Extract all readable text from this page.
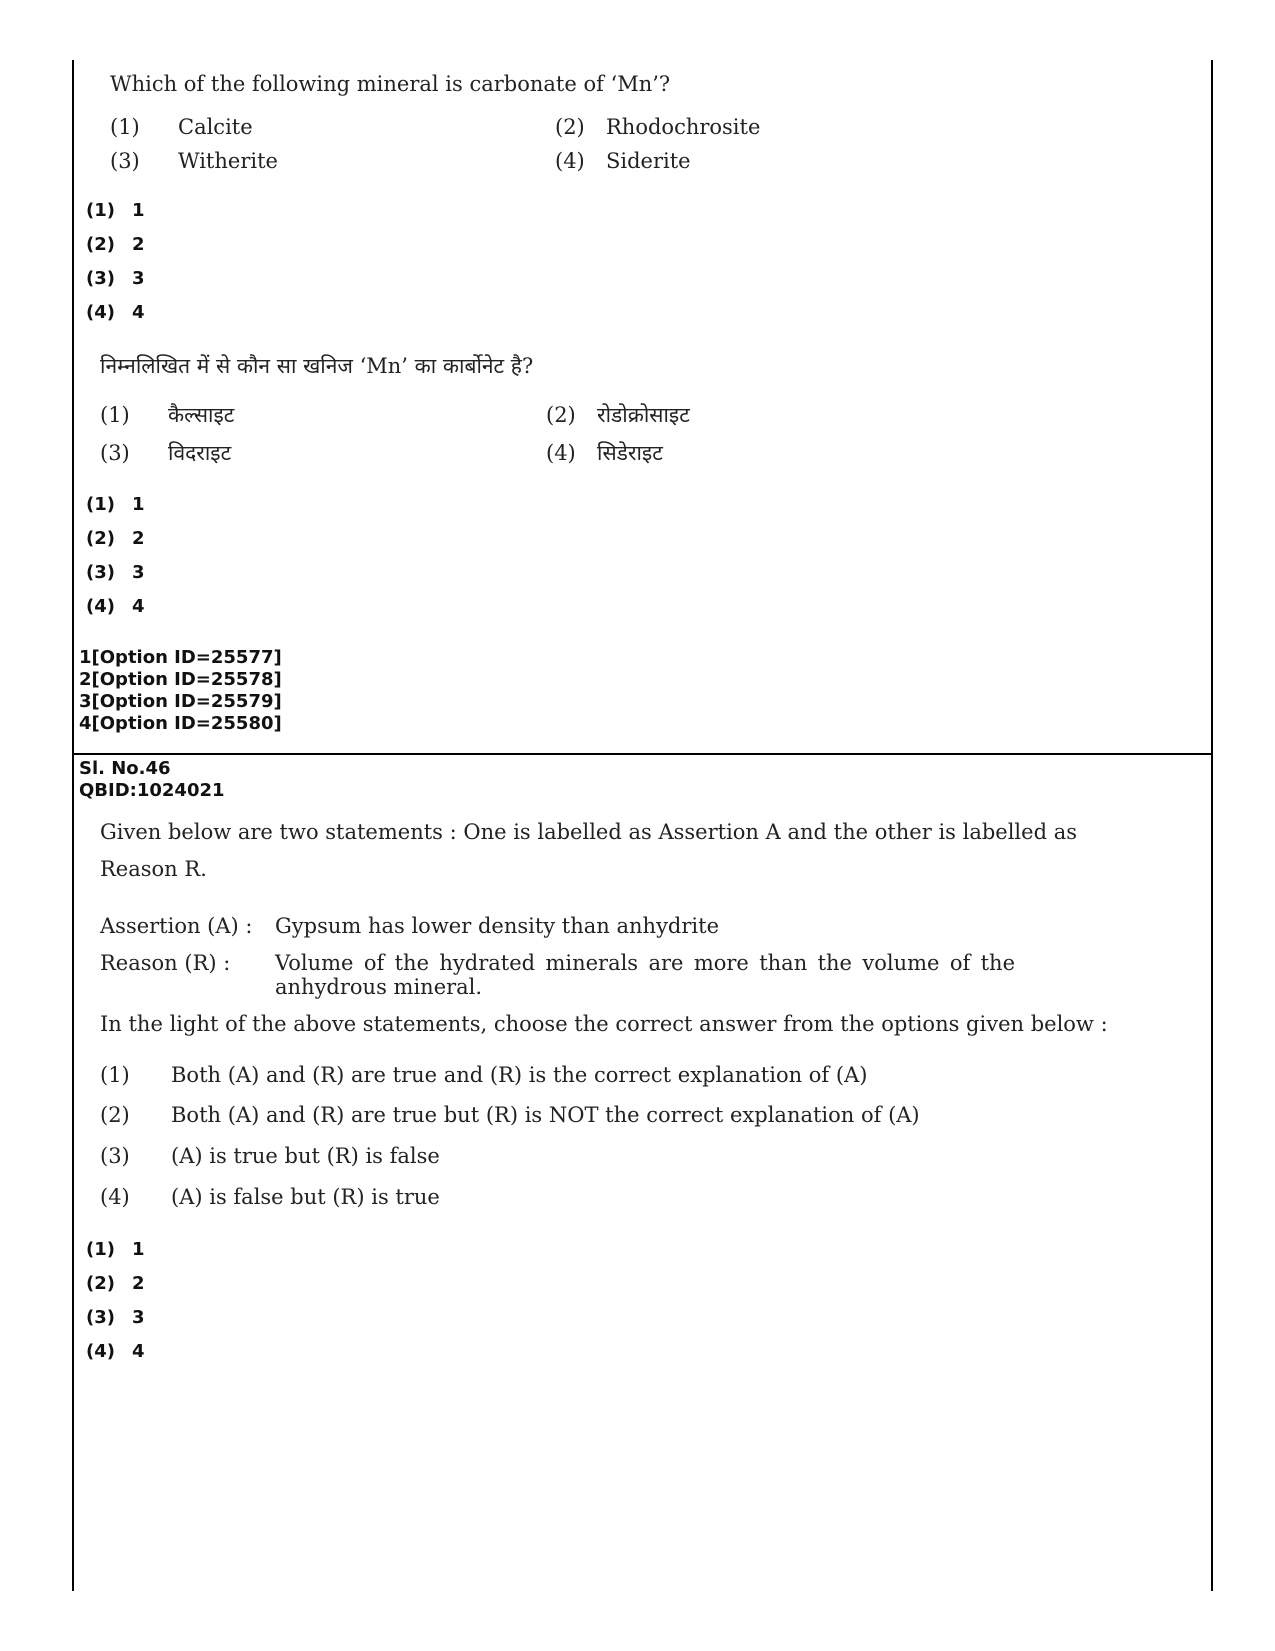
Which of the following mineral is carbonate of ‘Mn’?
(1) Calcite	(2) Rhodochrosite
(3) Witherite	(4) Siderite
(1) 1
(2) 2
(3) 3
(4) 4
निम्नलिखित में से कौन सा खनिज ‘Mn’ का कार्बोनेट है?
(1) कैल्साइट	(2) रोडोक्रोसाइट
(3) विदराइट	(4) सिडेराइट
(1) 1
(2) 2
(3) 3
(4) 4
1[Option ID=25577]
2[Option ID=25578]
3[Option ID=25579]
4[Option ID=25580]
Sl. No.46
QBID:1024021
Given below are two statements : One is labelled as Assertion A and the other is labelled as
Reason R.
Assertion (A) : Gypsum has lower density than anhydrite
Reason (R) : Volume of the hydrated minerals are more than the volume of the
anhydrous mineral.
In the light of the above statements, choose the correct answer from the options given below :
(1) Both (A) and (R) are true and (R) is the correct explanation of (A)
(2) Both (A) and (R) are true but (R) is NOT the correct explanation of (A)
(3) (A) is true but (R) is false
(4) (A) is false but (R) is true
(1) 1
(2) 2
(3) 3
(4) 4
